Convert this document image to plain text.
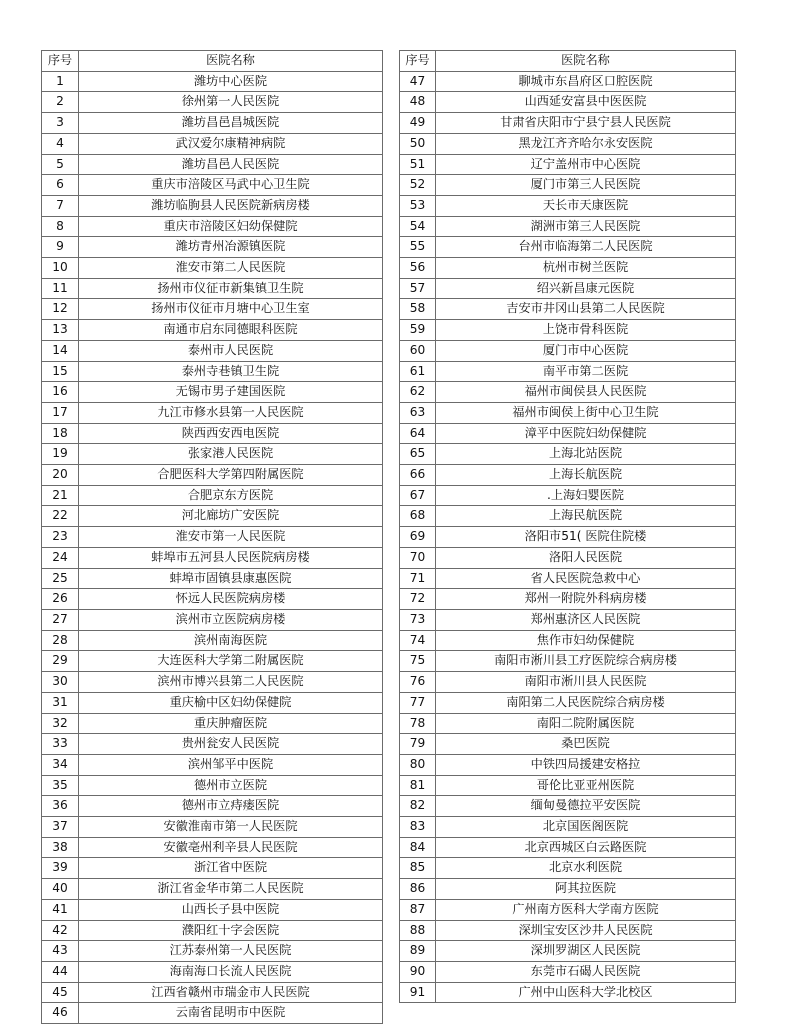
序号	医院名称
1	潍坊中心医院
2	徐州第一人民医院
3	潍坊昌邑昌城医院
4	武汉爱尔康精神病院
5	潍坊昌邑人民医院
6	重庆市涪陵区马武中心卫生院
7	潍坊临朐县人民医院新病房楼
8	重庆市涪陵区妇幼保健院
9	潍坊青州冶源镇医院
10	淮安市第二人民医院
11	扬州市仪征市新集镇卫生院
12	扬州市仪征市月塘中心卫生室
13	南通市启东同德眼科医院
14	泰州市人民医院
15	泰州寺巷镇卫生院
16	无锡市男子建国医院
17	九江市修水县第一人民医院
18	陕西西安西电医院
19	张家港人民医院
20	合肥医科大学第四附属医院
21	合肥京东方医院
22	河北廊坊广安医院
23	淮安市第一人民医院
24	蚌埠市五河县人民医院病房楼
25	蚌埠市固镇县康惠医院
26	怀远人民医院病房楼
27	滨州市立医院病房楼
28	滨州南海医院
29	大连医科大学第二附属医院
30	滨州市博兴县第二人民医院
31	重庆榆中区妇幼保健院
32	重庆肿瘤医院
33	贵州瓮安人民医院
34	滨州邹平中医院
35	德州市立医院
36	德州市立痔瘘医院
37	安徽淮南市第一人民医院
38	安徽亳州利辛县人民医院
39	浙江省中医院
40	浙江省金华市第二人民医院
41	山西长子县中医院
42	濮阳红十字会医院
43	江苏泰州第一人民医院
44	海南海口长流人民医院
45	江西省赣州市瑞金市人民医院
46	云南省昆明市中医院
序号	医院名称
47	聊城市东昌府区口腔医院
48	山西延安富县中医医院
49	甘肃省庆阳市宁县宁县人民医院
50	黑龙江齐齐哈尔永安医院
51	辽宁盖州市中心医院
52	厦门市第三人民医院
53	天长市天康医院
54	湖洲市第三人民医院
55	台州市临海第二人民医院
56	杭州市树兰医院
57	绍兴新昌康元医院
58	吉安市井冈山县第二人民医院
59	上饶市骨科医院
60	厦门市中心医院
61	南平市第二医院
62	福州市闽侯县人民医院
63	福州市闽侯上街中心卫生院
64	漳平中医院妇幼保健院
65	上海北站医院
66	上海长航医院
67	.上海妇婴医院
68	上海民航医院
69	洛阳市51( 医院住院楼
70	洛阳人民医院
71	省人民医院急救中心
72	郑州一附院外科病房楼
73	郑州惠济区人民医院
74	焦作市妇幼保健院
75	南阳市淅川县工疗医院综合病房楼
76	南阳市淅川县人民医院
77	南阳第二人民医院综合病房楼
78	南阳二院附属医院
79	桑巴医院
80	中铁四局援建安格拉
81	哥伦比亚亚州医院
82	缅甸曼德拉平安医院
83	北京国医阁医院
84	北京西城区白云路医院
85	北京水利医院
86	阿其拉医院
87	广州南方医科大学南方医院
88	深圳宝安区沙井人民医院
89	深圳罗湖区人民医院
90	东莞市石碣人民医院
91	广州中山医科大学北校区
